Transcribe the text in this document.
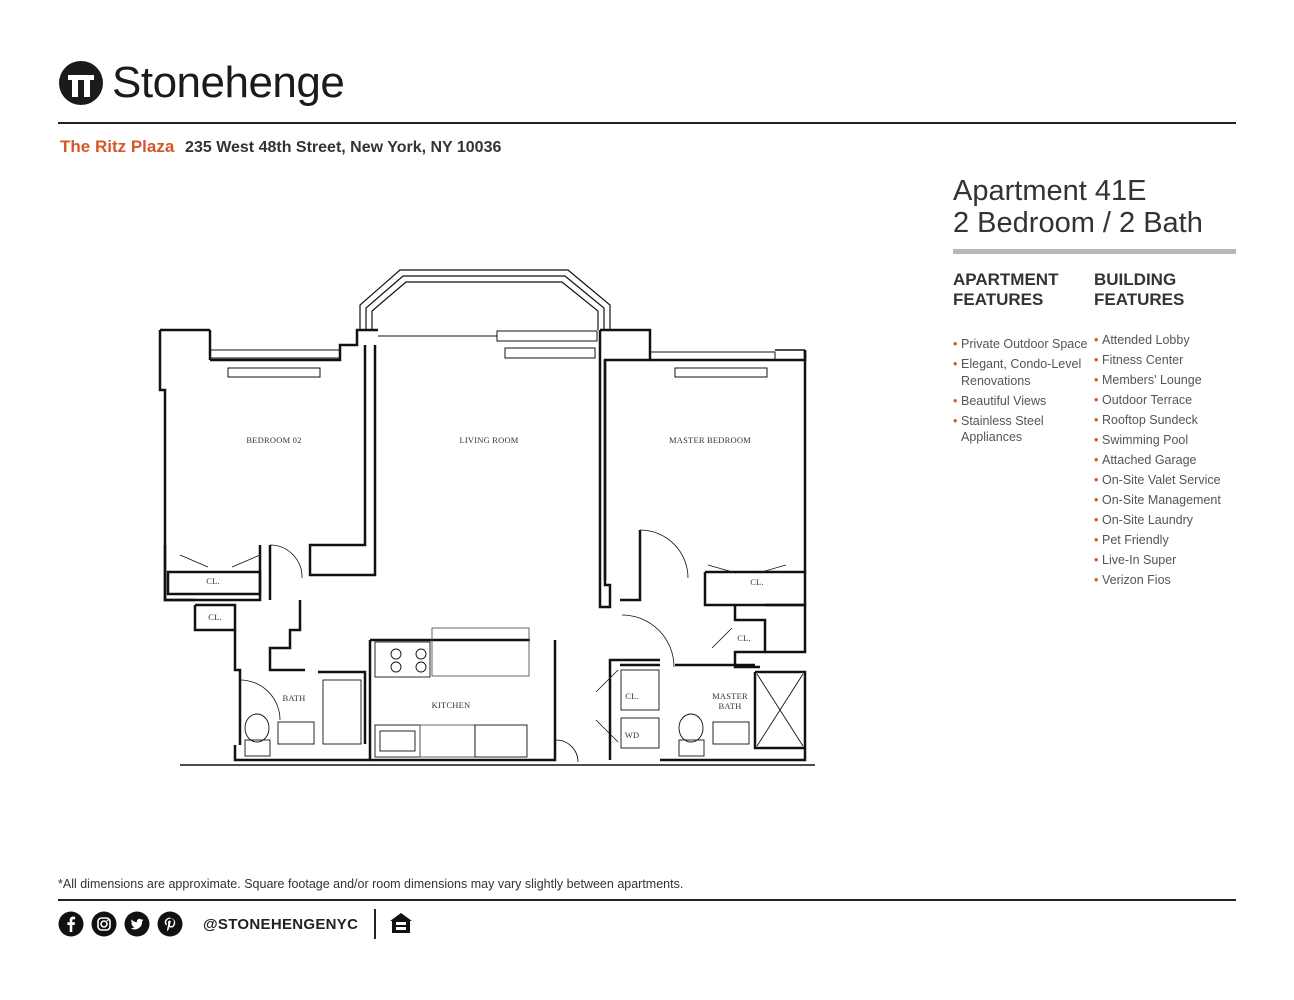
Stonehenge
The Ritz Plaza 235 West 48th Street, New York, NY 10036
Apartment 41E
2 Bedroom / 2 Bath
APARTMENT
FEATURES
• Private Outdoor Space
• Elegant, Condo-Level Renovations
• Beautiful Views
• Stainless Steel Appliances
BUILDING
FEATURES
• Attended Lobby
• Fitness Center
• Members' Lounge
• Outdoor Terrace
• Rooftop Sundeck
• Swimming Pool
• Attached Garage
• On-Site Valet Service
• On-Site Management
• On-Site Laundry
• Pet Friendly
• Live-In Super
• Verizon Fios
BEDROOM 02	LIVING ROOM	MASTER BEDROOM
KITCHEN
BATH	MASTER
BATH
CL.
CL.
CL.
CL.
CL.
WD
*All dimensions are approximate. Square footage and/or room dimensions may vary slightly between apartments.
@STONEHENGENYC
